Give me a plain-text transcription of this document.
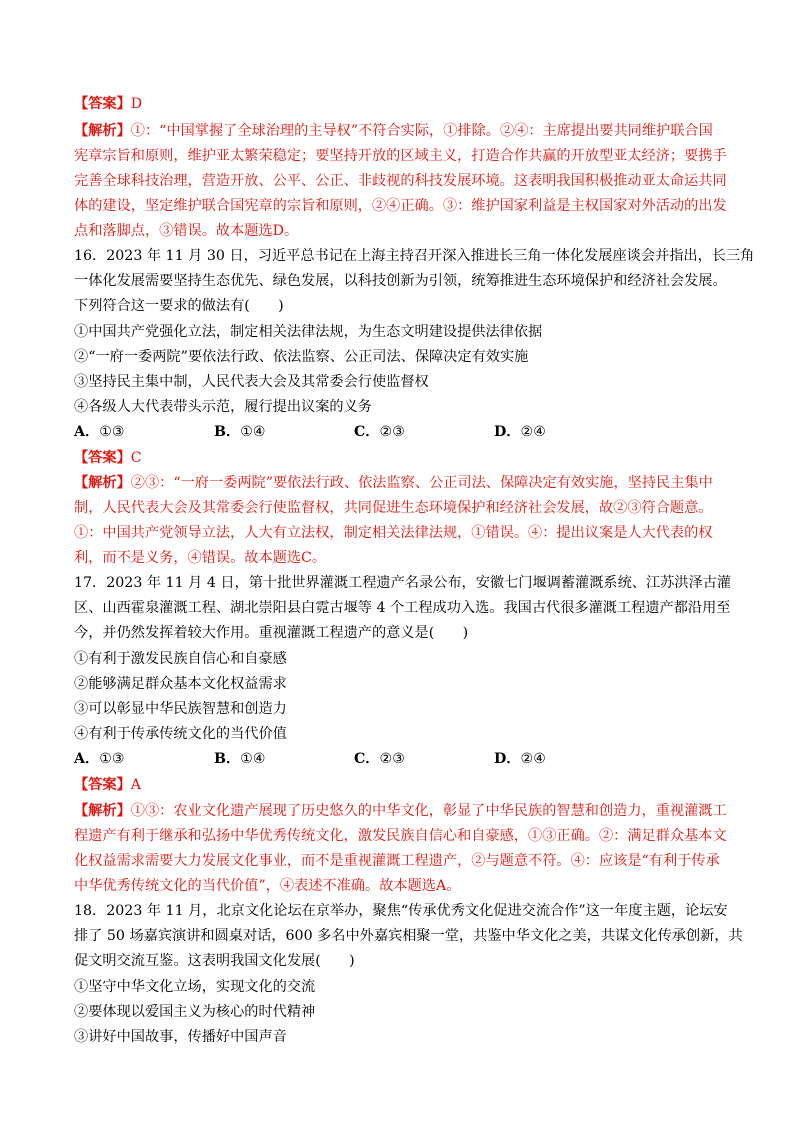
【答案】D
【解析】①：“中国掌握了全球治理的主导权”不符合实际，①排除。②④：主席提出要共同维护联合国
宪章宗旨和原则，维护亚太繁荣稳定；要坚持开放的区域主义，打造合作共赢的开放型亚太经济；要携手
完善全球科技治理，营造开放、公平、公正、非歧视的科技发展环境。这表明我国积极推动亚太命运共同
体的建设，坚定维护联合国宪章的宗旨和原则，②④正确。③：维护国家利益是主权国家对外活动的出发
点和落脚点，③错误。故本题选D。
16．2023 年 11 月 30 日，习近平总书记在上海主持召开深入推进长三角一体化发展座谈会并指出，长三角
一体化发展需要坚持生态优先、绿色发展，以科技创新为引领，统筹推进生态环境保护和经济社会发展。
下列符合这一要求的做法有(　　)
①中国共产党强化立法，制定相关法律法规，为生态文明建设提供法律依据
②“一府一委两院”要依法行政、依法监察、公正司法、保障决定有效实施
③坚持民主集中制，人民代表大会及其常委会行使监督权
④各级人大代表带头示范，履行提出议案的义务
A．①③	B．①④	C．②③	D．②④
【答案】C
【解析】②③：“一府一委两院”要依法行政、依法监察、公正司法、保障决定有效实施，坚持民主集中
制，人民代表大会及其常委会行使监督权，共同促进生态环境保护和经济社会发展，故②③符合题意。
①：中国共产党领导立法，人大有立法权，制定相关法律法规，①错误。④：提出议案是人大代表的权
利，而不是义务，④错误。故本题选C。
17．2023 年 11 月 4 日，第十批世界灌溉工程遗产名录公布，安徽七门堰调蓄灌溉系统、江苏洪泽古灌
区、山西霍泉灌溉工程、湖北崇阳县白霓古堰等 4 个工程成功入选。我国古代很多灌溉工程遗产都沿用至
今，并仍然发挥着较大作用。重视灌溉工程遗产的意义是(　　)
①有利于激发民族自信心和自豪感
②能够满足群众基本文化权益需求
③可以彰显中华民族智慧和创造力
④有利于传承传统文化的当代价值
A．①③	B．①④	C．②③	D．②④
【答案】A
【解析】①③：农业文化遗产展现了历史悠久的中华文化，彰显了中华民族的智慧和创造力，重视灌溉工
程遗产有利于继承和弘扬中华优秀传统文化，激发民族自信心和自豪感，①③正确。②：满足群众基本文
化权益需求需要大力发展文化事业，而不是重视灌溉工程遗产，②与题意不符。④：应该是“有利于传承
中华优秀传统文化的当代价值”，④表述不准确。故本题选A。
18．2023 年 11 月，北京文化论坛在京举办，聚焦“传承优秀文化促进交流合作”这一年度主题，论坛安
排了 50 场嘉宾演讲和圆桌对话，600 多名中外嘉宾相聚一堂，共鉴中华文化之美，共谋文化传承创新，共
促文明交流互鉴。这表明我国文化发展(　　)
①坚守中华文化立场，实现文化的交流
②要体现以爱国主义为核心的时代精神
③讲好中国故事，传播好中国声音
